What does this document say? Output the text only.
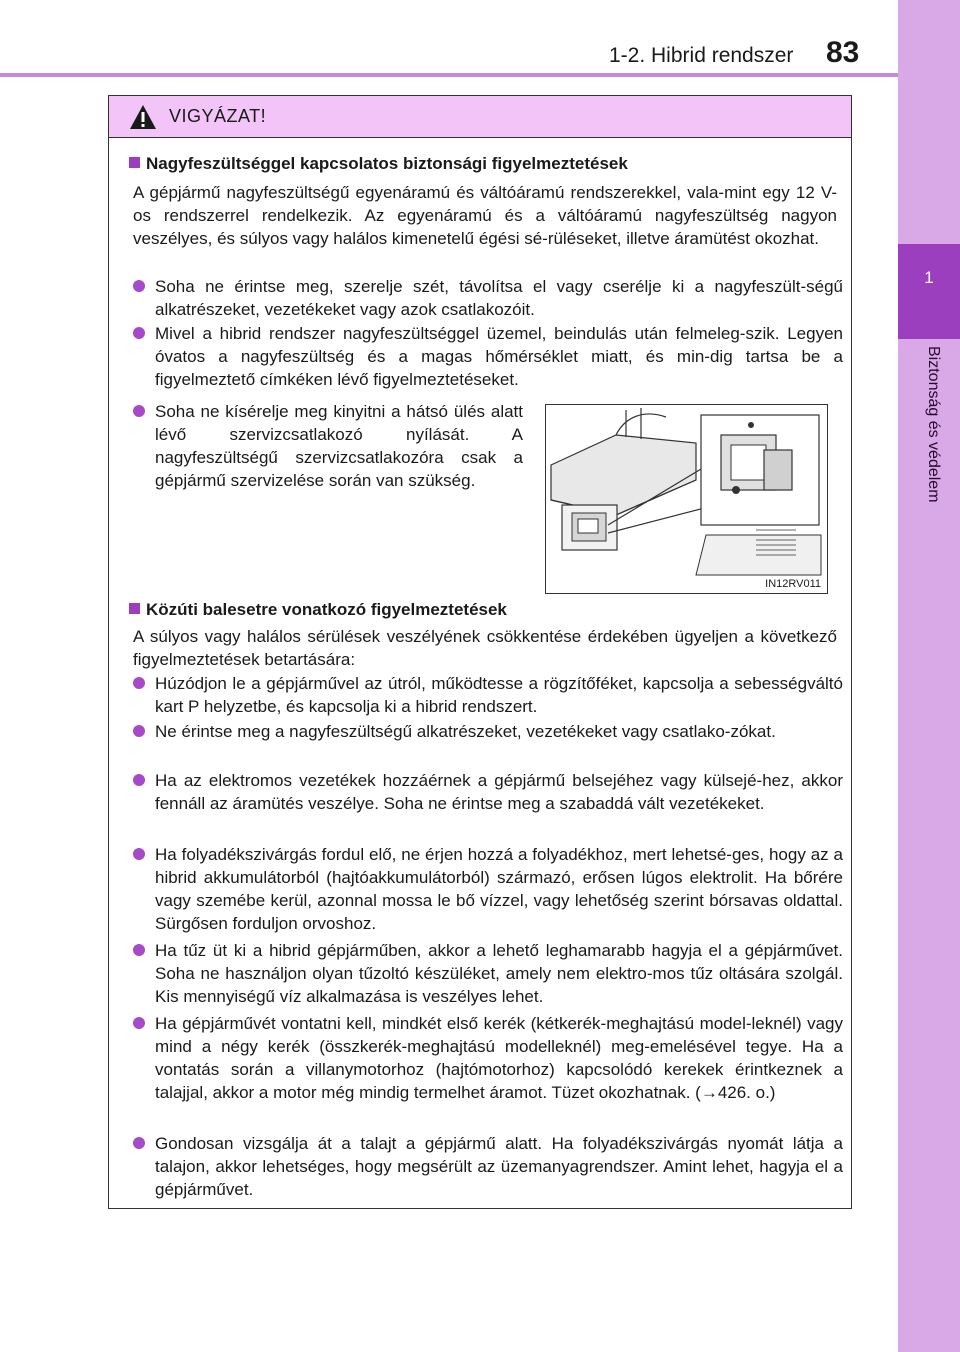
1-2. Hibrid rendszer 83
1
Biztonság és védelem
VIGYÁZAT!
Nagyfeszültséggel kapcsolatos biztonsági figyelmeztetések
A gépjármű nagyfeszültségű egyenáramú és váltóáramú rendszerekkel, vala-mint egy 12 V-os rendszerrel rendelkezik. Az egyenáramú és a váltóáramú nagyfeszültség nagyon veszélyes, és súlyos vagy halálos kimenetelű égési sé-rüléseket, illetve áramütést okozhat.
Soha ne érintse meg, szerelje szét, távolítsa el vagy cserélje ki a nagyfeszült-ségű alkatrészeket, vezetékeket vagy azok csatlakozóit.
Mivel a hibrid rendszer nagyfeszültséggel üzemel, beindulás után felmeleg-szik. Legyen óvatos a nagyfeszültség és a magas hőmérséklet miatt, és min-dig tartsa be a figyelmeztető címkéken lévő figyelmeztetéseket.
Soha ne kísérelje meg kinyitni a hátsó ülés alatt lévő szervizcsatlakozó nyílását. A nagyfeszültségű szervizcsatlakozóra csak a gépjármű szervizelése során van szükség.
IN12RV011
Közúti balesetre vonatkozó figyelmeztetések
A súlyos vagy halálos sérülések veszélyének csökkentése érdekében ügyeljen a következő figyelmeztetések betartására:
Húzódjon le a gépjárművel az útról, működtesse a rögzítőféket, kapcsolja a sebességváltó kart P helyzetbe, és kapcsolja ki a hibrid rendszert.
Ne érintse meg a nagyfeszültségű alkatrészeket, vezetékeket vagy csatlako-zókat.
Ha az elektromos vezetékek hozzáérnek a gépjármű belsejéhez vagy külsejé-hez, akkor fennáll az áramütés veszélye. Soha ne érintse meg a szabaddá vált vezetékeket.
Ha folyadékszivárgás fordul elő, ne érjen hozzá a folyadékhoz, mert lehetsé-ges, hogy az a hibrid akkumulátorból (hajtóakkumulátorból) származó, erősen lúgos elektrolit. Ha bőrére vagy szemébe kerül, azonnal mossa le bő vízzel, vagy lehetőség szerint bórsavas oldattal. Sürgősen forduljon orvoshoz.
Ha tűz üt ki a hibrid gépjárműben, akkor a lehető leghamarabb hagyja el a gépjárművet. Soha ne használjon olyan tűzoltó készüléket, amely nem elektro-mos tűz oltására szolgál. Kis mennyiségű víz alkalmazása is veszélyes lehet.
Ha gépjárművét vontatni kell, mindkét első kerék (kétkerék-meghajtású model-leknél) vagy mind a négy kerék (összkerék-meghajtású modelleknél) meg-emelésével tegye. Ha a vontatás során a villanymotorhoz (hajtómotorhoz) kapcsolódó kerekek érintkeznek a talajjal, akkor a motor még mindig termelhet áramot. Tüzet okozhatnak. (→426. o.)
Gondosan vizsgálja át a talajt a gépjármű alatt. Ha folyadékszivárgás nyomát látja a talajon, akkor lehetséges, hogy megsérült az üzemanyagrendszer. Amint lehet, hagyja el a gépjárművet.
